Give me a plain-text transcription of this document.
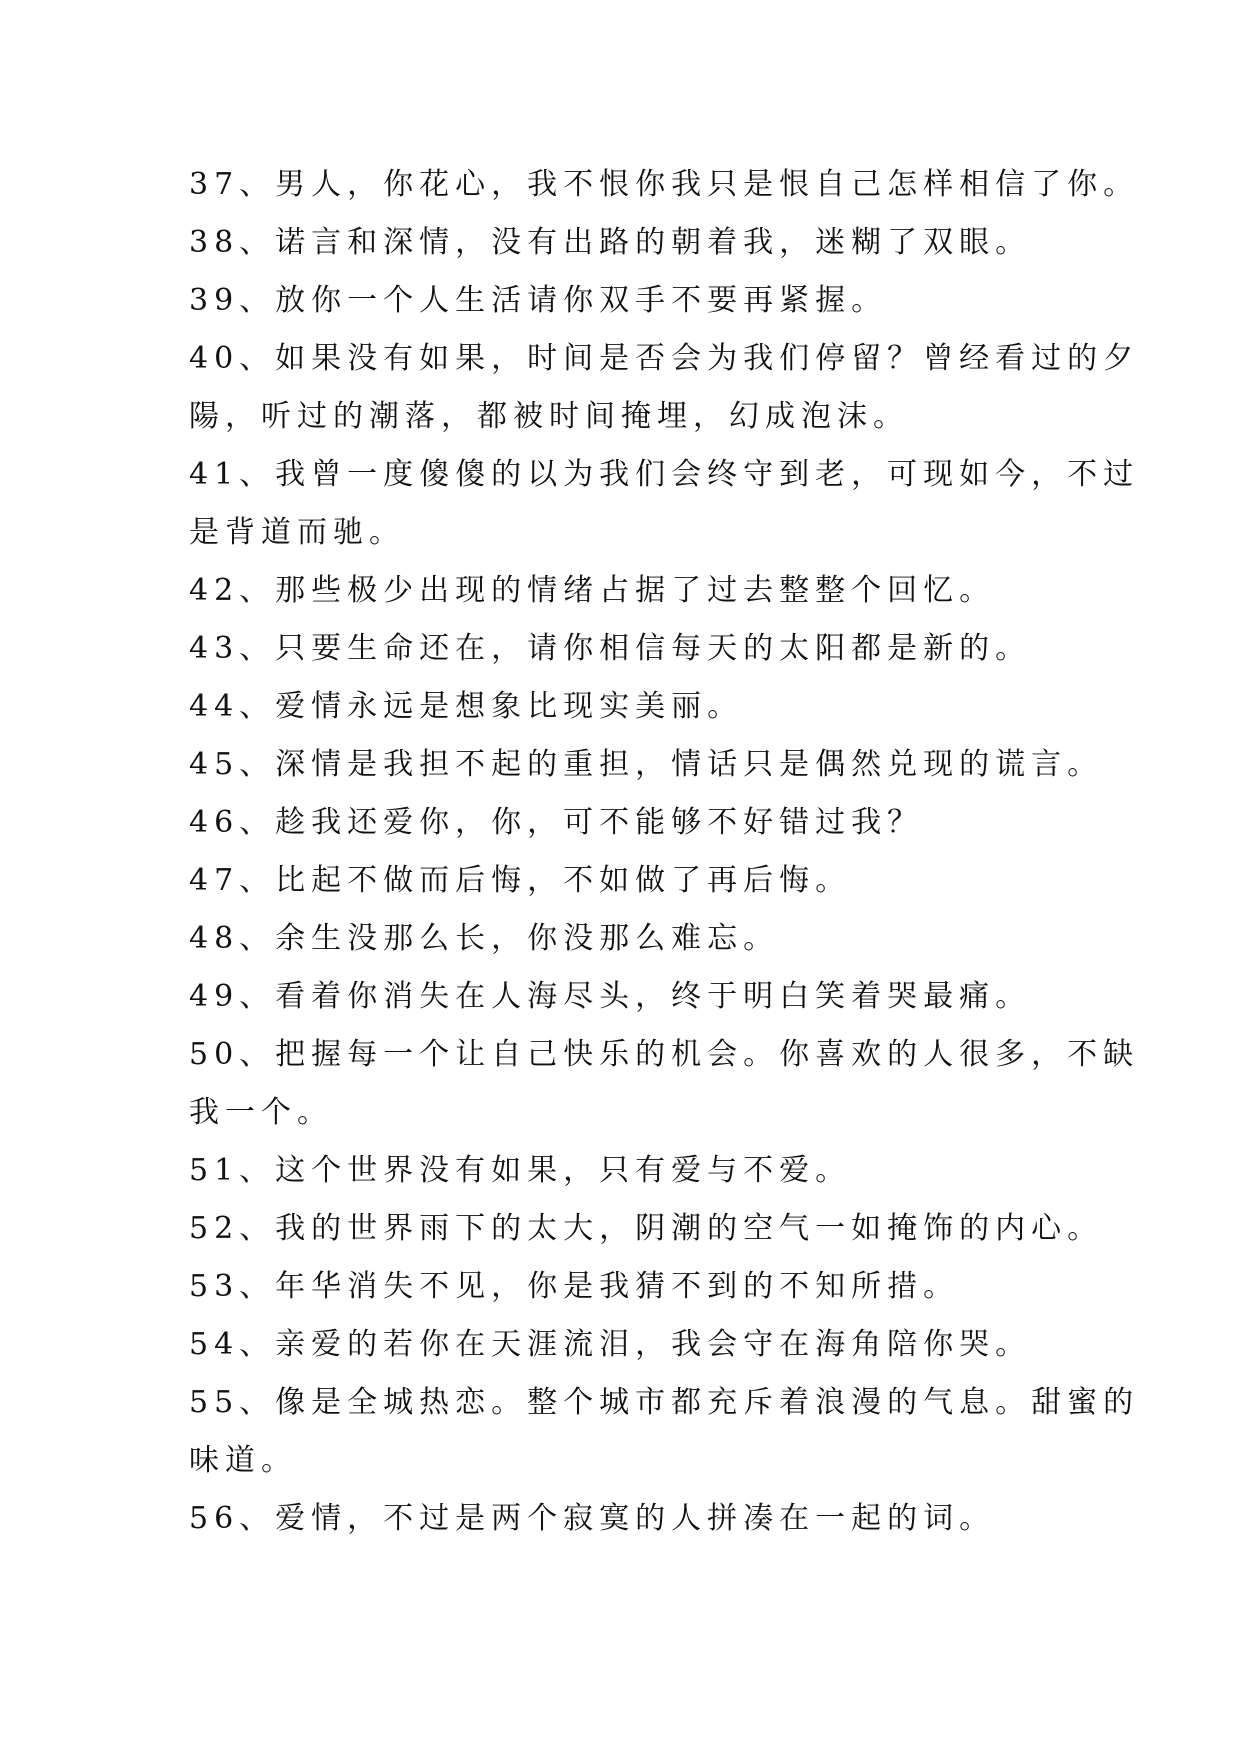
37、男人，你花心，我不恨你我只是恨自己怎样相信了你。
38、诺言和深情，没有出路的朝着我，迷糊了双眼。
39、放你一个人生活请你双手不要再紧握。
40、如果没有如果，时间是否会为我们停留？曾经看过的夕
陽，听过的潮落，都被时间掩埋，幻成泡沫。
41、我曾一度傻傻的以为我们会终守到老，可现如今，不过
是背道而驰。
42、那些极少出现的情绪占据了过去整整个回忆。
43、只要生命还在，请你相信每天的太阳都是新的。
44、爱情永远是想象比现实美丽。
45、深情是我担不起的重担，情话只是偶然兑现的谎言。
46、趁我还爱你，你，可不能够不好错过我？
47、比起不做而后悔，不如做了再后悔。
48、余生没那么长，你没那么难忘。
49、看着你消失在人海尽头，终于明白笑着哭最痛。
50、把握每一个让自己快乐的机会。你喜欢的人很多，不缺
我一个。
51、这个世界没有如果，只有爱与不爱。
52、我的世界雨下的太大，阴潮的空气一如掩饰的内心。
53、年华消失不见，你是我猜不到的不知所措。
54、亲爱的若你在天涯流泪，我会守在海角陪你哭。
55、像是全城热恋。整个城市都充斥着浪漫的气息。甜蜜的
味道。
56、爱情，不过是两个寂寞的人拼凑在一起的词。
